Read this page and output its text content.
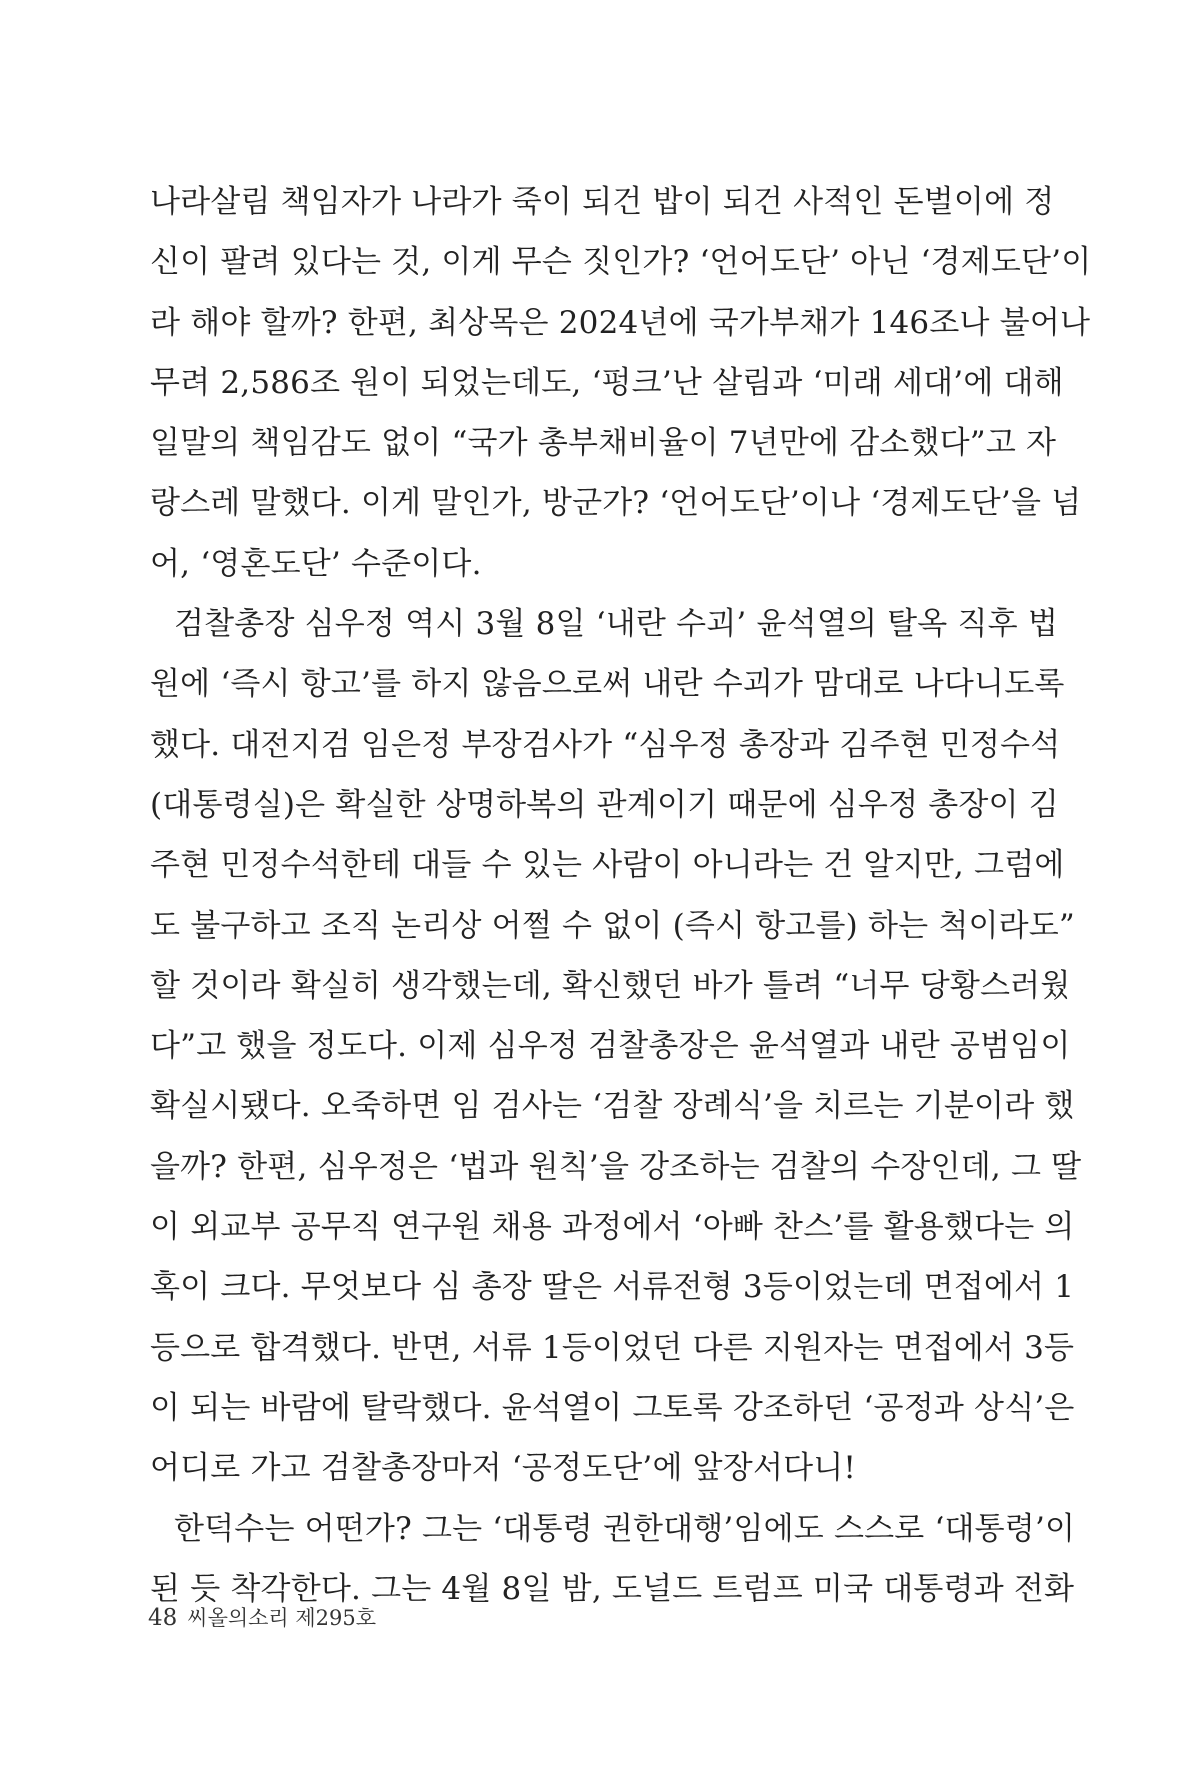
나라살림 책임자가 나라가 죽이 되건 밥이 되건 사적인 돈벌이에 정
신이 팔려 있다는 것, 이게 무슨 짓인가? ‘언어도단’ 아닌 ‘경제도단’이
라 해야 할까? 한편, 최상목은 2024년에 국가부채가 146조나 불어나
무려 2,586조 원이 되었는데도, ‘펑크’난 살림과 ‘미래 세대’에 대해
일말의 책임감도 없이 “국가 총부채비율이 7년만에 감소했다”고 자
랑스레 말했다. 이게 말인가, 방군가? ‘언어도단’이나 ‘경제도단’을 넘
어, ‘영혼도단’ 수준이다.
검찰총장 심우정 역시 3월 8일 ‘내란 수괴’ 윤석열의 탈옥 직후 법
원에 ‘즉시 항고’를 하지 않음으로써 내란 수괴가 맘대로 나다니도록
했다. 대전지검 임은정 부장검사가 “심우정 총장과 김주현 민정수석
(대통령실)은 확실한 상명하복의 관계이기 때문에 심우정 총장이 김
주현 민정수석한테 대들 수 있는 사람이 아니라는 건 알지만, 그럼에
도 불구하고 조직 논리상 어쩔 수 없이 (즉시 항고를) 하는 척이라도”
할 것이라 확실히 생각했는데, 확신했던 바가 틀려 “너무 당황스러웠
다”고 했을 정도다. 이제 심우정 검찰총장은 윤석열과 내란 공범임이
확실시됐다. 오죽하면 임 검사는 ‘검찰 장례식’을 치르는 기분이라 했
을까? 한편, 심우정은 ‘법과 원칙’을 강조하는 검찰의 수장인데, 그 딸
이 외교부 공무직 연구원 채용 과정에서 ‘아빠 찬스’를 활용했다는 의
혹이 크다. 무엇보다 심 총장 딸은 서류전형 3등이었는데 면접에서 1
등으로 합격했다. 반면, 서류 1등이었던 다른 지원자는 면접에서 3등
이 되는 바람에 탈락했다. 윤석열이 그토록 강조하던 ‘공정과 상식’은
어디로 가고 검찰총장마저 ‘공정도단’에 앞장서다니!
한덕수는 어떤가? 그는 ‘대통령 권한대행’임에도 스스로 ‘대통령’이
된 듯 착각한다. 그는 4월 8일 밤, 도널드 트럼프 미국 대통령과 전화
48 씨올의소리 제295호
